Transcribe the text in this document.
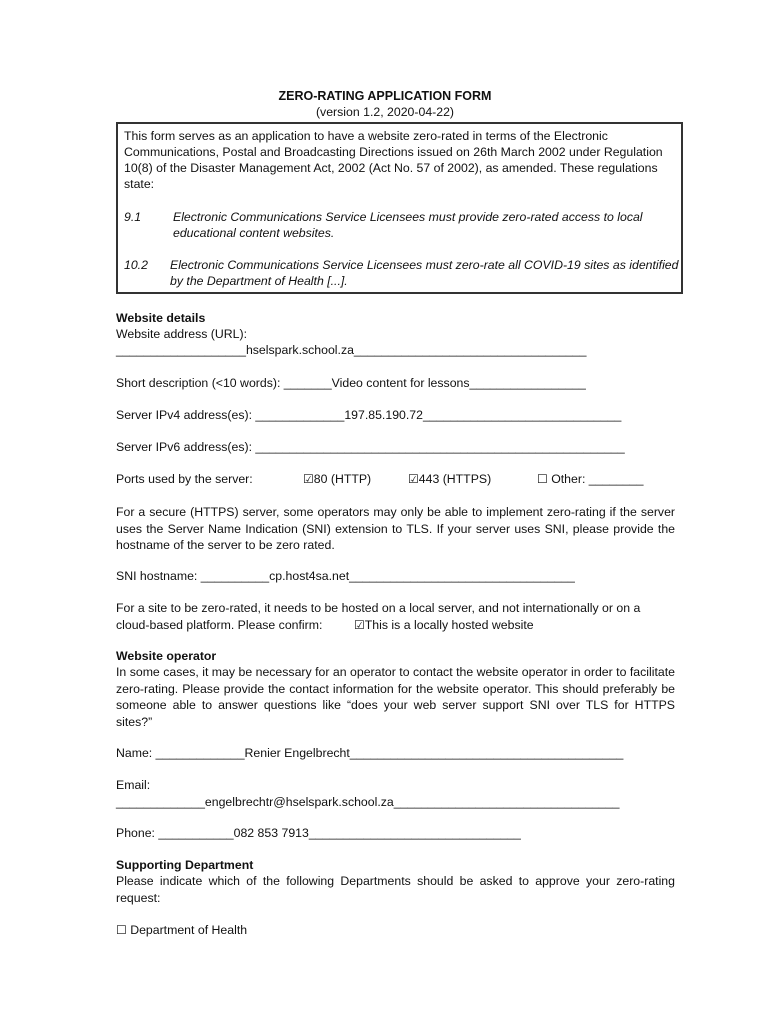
ZERO-RATING APPLICATION FORM
(version 1.2, 2020-04-22)
This form serves as an application to have a website zero-rated in terms of the Electronic
Communications, Postal and Broadcasting Directions issued on 26th March 2002 under Regulation
10(8) of the Disaster Management Act, 2002 (Act No. 57 of 2002), as amended. These regulations
state:
9.1	Electronic Communications Service Licensees must provide zero-rated access to local
educational content websites.
10.2 Electronic Communications Service Licensees must zero-rate all COVID-19 sites as identified
by the Department of Health [...].
Website details
Website address (URL):
___________________hselspark.school.za__________________________________
Short description (<10 words): _______Video content for lessons_________________
Server IPv4 address(es): _____________197.85.190.72_____________________________
Server IPv6 address(es): ______________________________________________________
Ports used by the server:	☑80 (HTTP)	☑443 (HTTPS)	☐ Other: ________
For a secure (HTTPS) server, some operators may only be able to implement zero-rating if the server uses the Server Name Indication (SNI) extension to TLS. If your server uses SNI, please provide the hostname of the server to be zero rated.
SNI hostname: __________cp.host4sa.net_________________________________
For a site to be zero-rated, it needs to be hosted on a local server, and not internationally or on a
cloud-based platform. Please confirm:	☑This is a locally hosted website
Website operator
In some cases, it may be necessary for an operator to contact the website operator in order to facilitate zero-rating. Please provide the contact information for the website operator. This should preferably be someone able to answer questions like “does your web server support SNI over TLS for HTTPS sites?”
Name: _____________Renier Engelbrecht________________________________________
Email:
_____________engelbrechtr@hselspark.school.za_________________________________
Phone: ___________082 853 7913_______________________________
Supporting Department
Please indicate which of the following Departments should be asked to approve your zero-rating request:
☐ Department of Health
